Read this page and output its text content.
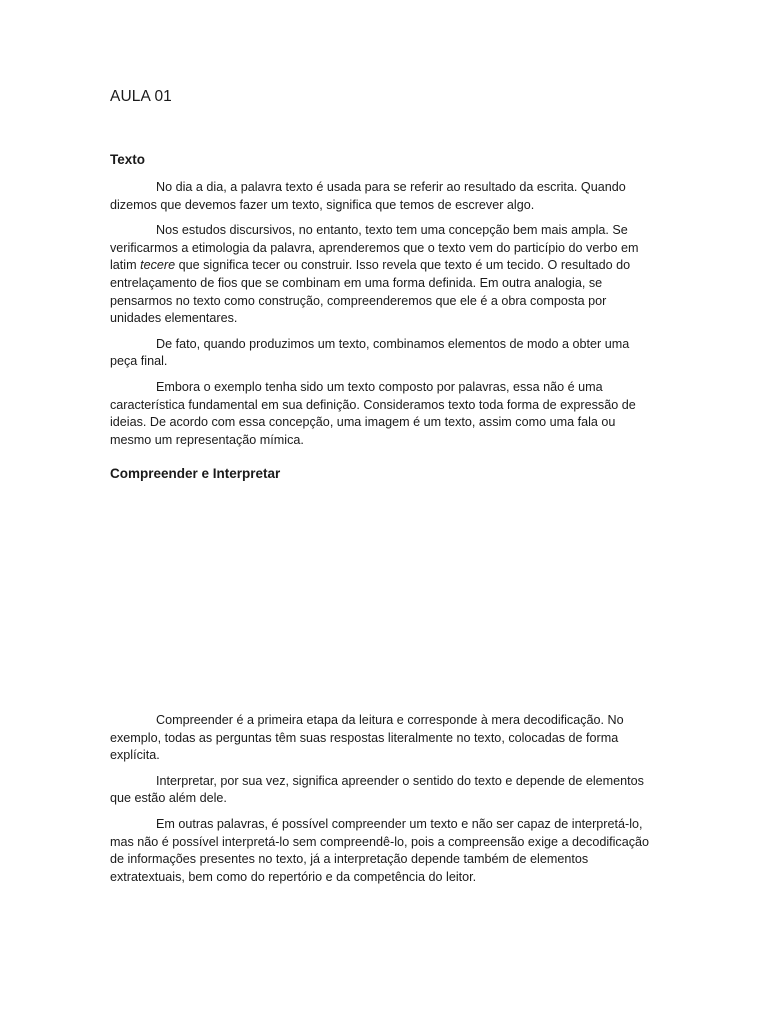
AULA 01
Texto

No dia a dia, a palavra texto é usada para se referir ao resultado da escrita. Quando dizemos que devemos fazer um texto, significa que temos de escrever algo.

Nos estudos discursivos, no entanto, texto tem uma concepção bem mais ampla. Se verificarmos a etimologia da palavra, aprenderemos que o texto vem do particípio do verbo em latim tecere que significa tecer ou construir. Isso revela que texto é um tecido. O resultado do entrelaçamento de fios que se combinam em uma forma definida. Em outra analogia, se pensarmos no texto como construção, compreenderemos que ele é a obra composta por unidades elementares.

De fato, quando produzimos um texto, combinamos elementos de modo a obter uma peça final.

Embora o exemplo tenha sido um texto composto por palavras, essa não é uma característica fundamental em sua definição. Consideramos texto toda forma de expressão de ideias. De acordo com essa concepção, uma imagem é um texto, assim como uma fala ou mesmo um representação mímica.

Compreender e Interpretar

Compreender é a primeira etapa da leitura e corresponde à mera decodificação. No exemplo, todas as perguntas têm suas respostas literalmente no texto, colocadas de forma explícita.

Interpretar, por sua vez, significa apreender o sentido do texto e depende de elementos que estão além dele.

Em outras palavras, é possível compreender um texto e não ser capaz de interpretá-lo, mas não é possível interpretá-lo sem compreendê-lo, pois a compreensão exige a decodificação de informações presentes no texto, já a interpretação depende também de elementos extratextuais, bem como do repertório e da competência do leitor.
